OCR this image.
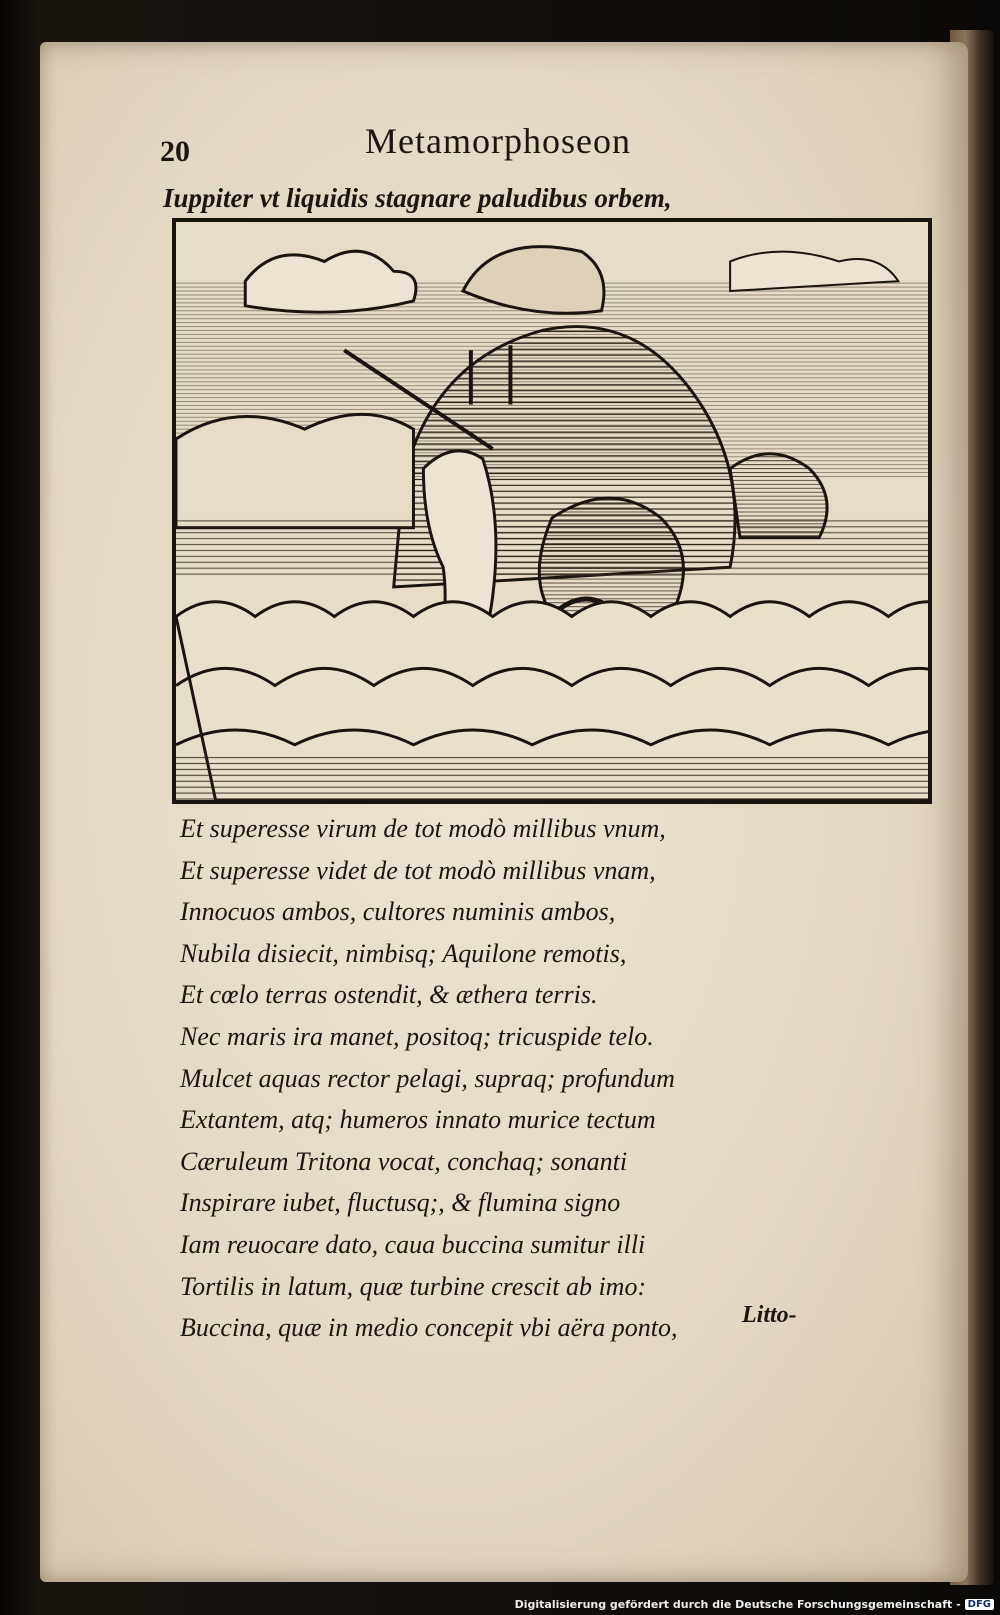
20	Metamorphoseon
Iuppiter vt liquidis stagnare paludibus orbem,
Et superesse virum de tot modò millibus vnum,
Et superesse videt de tot modò millibus vnam,
Innocuos ambos, cultores numinis ambos,
Nubila disiecit, nimbisq; Aquilone remotis,
Et cœlo terras ostendit, & æthera terris.
Nec maris ira manet, positoq; tricuspide telo.
Mulcet aquas rector pelagi, supraq; profundum
Extantem, atq; humeros innato murice tectum
Cæruleum Tritona vocat, conchaq; sonanti
Inspirare iubet, fluctusq;, & flumina signo
Iam reuocare dato, caua buccina sumitur illi
Tortilis in latum, quæ turbine crescit ab imo:
Buccina, quæ in medio concepit vbi aëra ponto,	Litto-
Digitalisierung gefördert durch die Deutsche Forschungsgemeinschaft - DFG
